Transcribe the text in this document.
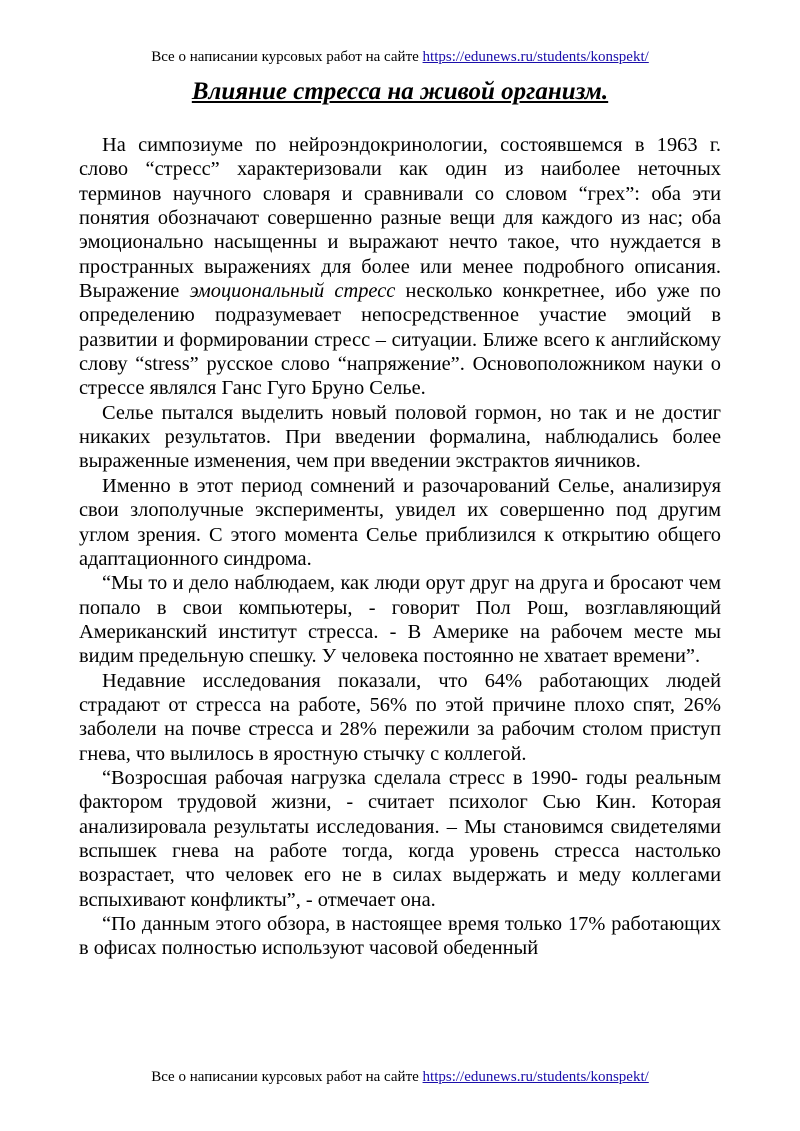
Все о написании курсовых работ на сайте https://edunews.ru/students/konspekt/
Влияние стресса на живой организм.

На симпозиуме по нейроэндокринологии, состоявшемся в 1963 г. слово “стресс” характеризовали как один из наиболее неточных терминов научного словаря и сравнивали со словом “грех”: оба эти понятия обозначают совершенно разные вещи для каждого из нас; оба эмоционально насыщенны и выражают нечто такое, что нуждается в пространных выражениях для более или менее подробного описания. Выражение эмоциональный стресс несколько конкретнее, ибо уже по определению подразумевает непосредственное участие эмоций в развитии и формировании стресс – ситуации. Ближе всего к английскому слову “stress” русское слово “напряжение”. Основоположником науки о стрессе являлся Ганс Гуго Бруно Селье.

Селье пытался выделить новый половой гормон, но так и не достиг никаких результатов. При введении формалина, наблюдались более выраженные изменения, чем при введении экстрактов яичников.

Именно в этот период сомнений и разочарований Селье, анализируя свои злополучные эксперименты, увидел их совершенно под другим углом зрения. С этого момента Селье приблизился к открытию общего адаптационного синдрома.

“Мы то и дело наблюдаем, как люди орут друг на друга и бросают чем попало в свои компьютеры, - говорит Пол Рош, возглавляющий Американский институт стресса. - В Америке на рабочем месте мы видим предельную спешку. У человека постоянно не хватает времени”.

Недавние исследования показали, что 64% работающих людей страдают от стресса на работе, 56% по этой причине плохо спят, 26% заболели на почве стресса и 28% пережили за рабочим столом приступ гнева, что вылилось в яростную стычку с коллегой.

“Возросшая рабочая нагрузка сделала стресс в 1990- годы реальным фактором трудовой жизни, - считает психолог Сью Кин. Которая анализировала результаты исследования. – Мы становимся свидетелями вспышек гнева на работе тогда, когда уровень стресса настолько возрастает, что человек его не в силах выдержать и меду коллегами вспыхивают конфликты”, - отмечает она.

“По данным этого обзора, в настоящее время только 17% работающих в офисах полностью используют часовой обеденный

Все о написании курсовых работ на сайте https://edunews.ru/students/konspekt/
